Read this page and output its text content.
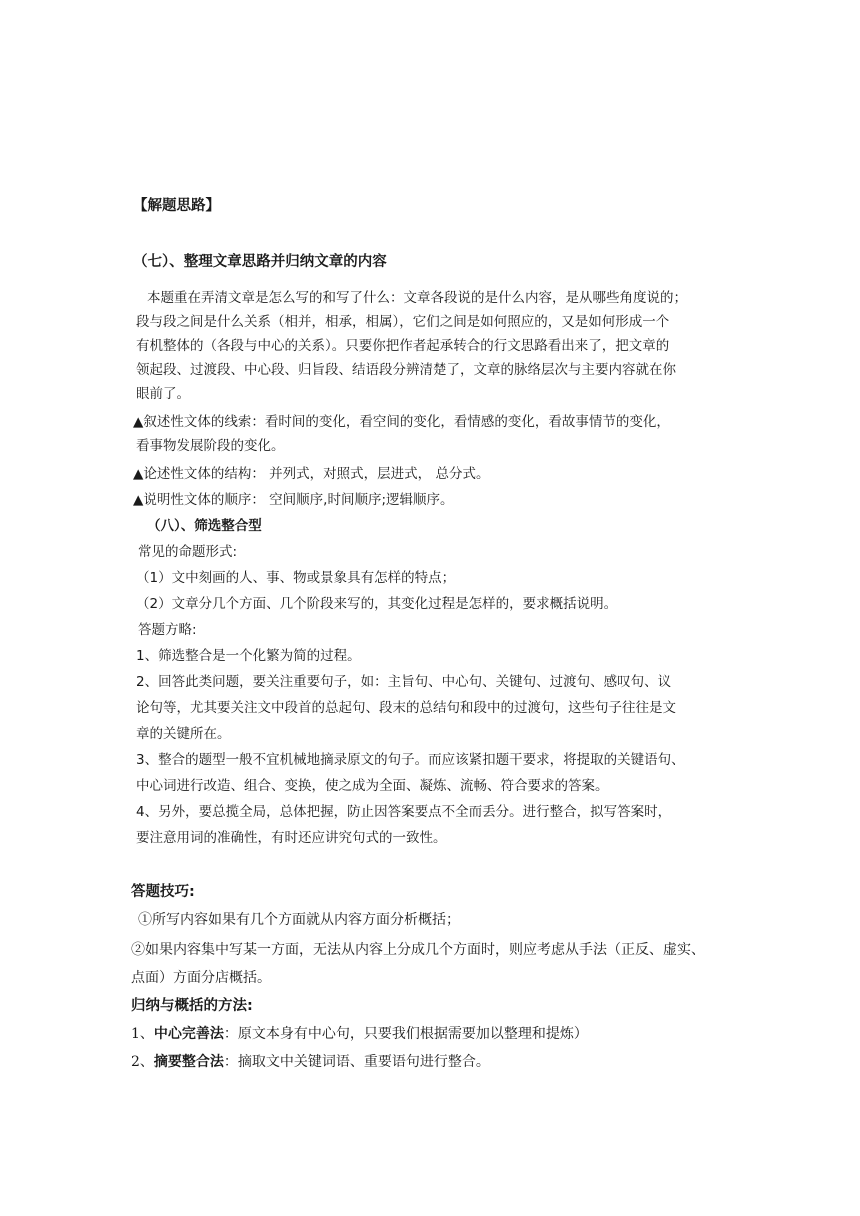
【解题思路】
（七）、整理文章思路并归纳文章的内容
本题重在弄清文章是怎么写的和写了什么：文章各段说的是什么内容，是从哪些角度说的；
段与段之间是什么关系（相并，相承，相属），它们之间是如何照应的，又是如何形成一个
有机整体的（各段与中心的关系）。只要你把作者起承转合的行文思路看出来了，把文章的
领起段、过渡段、中心段、归旨段、结语段分辨清楚了，文章的脉络层次与主要内容就在你
眼前了。
▲叙述性文体的线索：看时间的变化，看空间的变化，看情感的变化，看故事情节的变化，
看事物发展阶段的变化。
▲论述性文体的结构： 并列式，对照式，层进式， 总分式。
▲说明性文体的顺序： 空间顺序,时间顺序;逻辑顺序。
（八）、筛选整合型
常见的命题形式:
（1）文中刻画的人、事、物或景象具有怎样的特点；
（2）文章分几个方面、几个阶段来写的，其变化过程是怎样的，要求概括说明。
答题方略:
1、筛选整合是一个化繁为简的过程。
2、回答此类问题，要关注重要句子，如：主旨句、中心句、关键句、过渡句、感叹句、议
论句等，尤其要关注文中段首的总起句、段末的总结句和段中的过渡句，这些句子往往是文
章的关键所在。
3、整合的题型一般不宜机械地摘录原文的句子。而应该紧扣题干要求，将提取的关键语句、
中心词进行改造、组合、变换，使之成为全面、凝炼、流畅、符合要求的答案。
4、另外，要总揽全局，总体把握，防止因答案要点不全而丢分。进行整合，拟写答案时，
要注意用词的准确性，有时还应讲究句式的一致性。
答题技巧:
①所写内容如果有几个方面就从内容方面分析概括；
②如果内容集中写某一方面，无法从内容上分成几个方面时，则应考虑从手法（正反、虚实、
点面）方面分店概括。
归纳与概括的方法:
1、中心完善法：原文本身有中心句，只要我们根据需要加以整理和提炼）
2、摘要整合法：摘取文中关键词语、重要语句进行整合。
